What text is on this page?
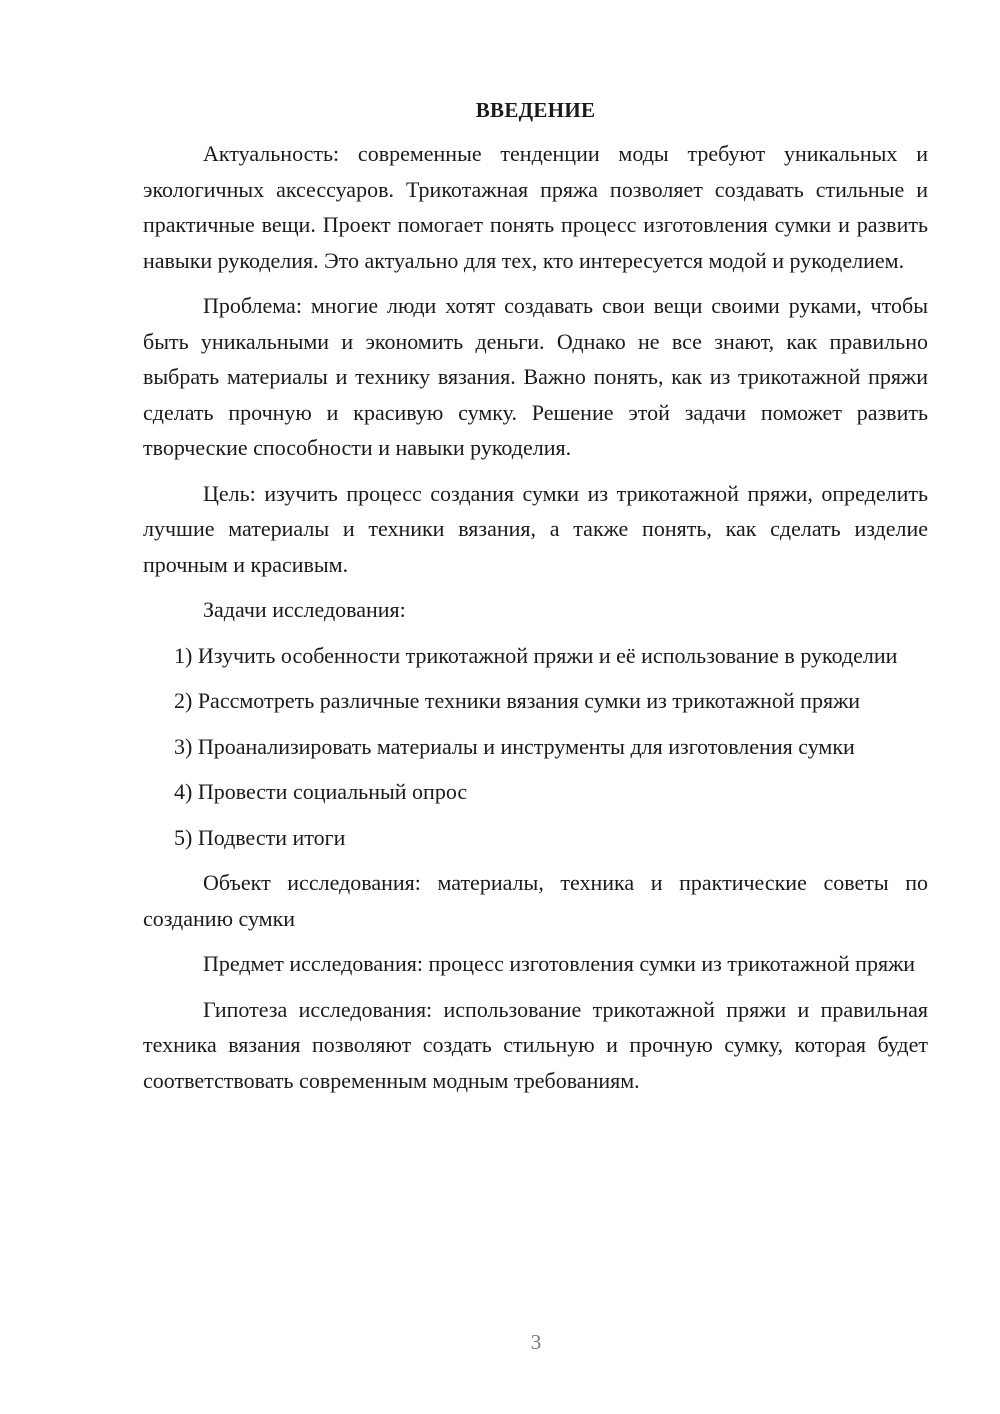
ВВЕДЕНИЕ

Актуальность: современные тенденции моды требуют уникальных и экологичных аксессуаров. Трикотажная пряжа позволяет создавать стильные и практичные вещи. Проект помогает понять процесс изготовления сумки и развить навыки рукоделия. Это актуально для тех, кто интересуется модой и рукоделием.

Проблема: многие люди хотят создавать свои вещи своими руками, чтобы быть уникальными и экономить деньги. Однако не все знают, как правильно выбрать материалы и технику вязания. Важно понять, как из трикотажной пряжи сделать прочную и красивую сумку. Решение этой задачи поможет развить творческие способности и навыки рукоделия.

Цель: изучить процесс создания сумки из трикотажной пряжи, определить лучшие материалы и техники вязания, а также понять, как сделать изделие прочным и красивым.

Задачи исследования:

1) Изучить особенности трикотажной пряжи и её использование в рукоделии

2) Рассмотреть различные техники вязания сумки из трикотажной пряжи

3) Проанализировать материалы и инструменты для изготовления сумки

4) Провести социальный опрос

5) Подвести итоги

Объект исследования: материалы, техника и практические советы по созданию сумки

Предмет исследования: процесс изготовления сумки из трикотажной пряжи

Гипотеза исследования: использование трикотажной пряжи и правильная техника вязания позволяют создать стильную и прочную сумку, которая будет соответствовать современным модным требованиям.

3
